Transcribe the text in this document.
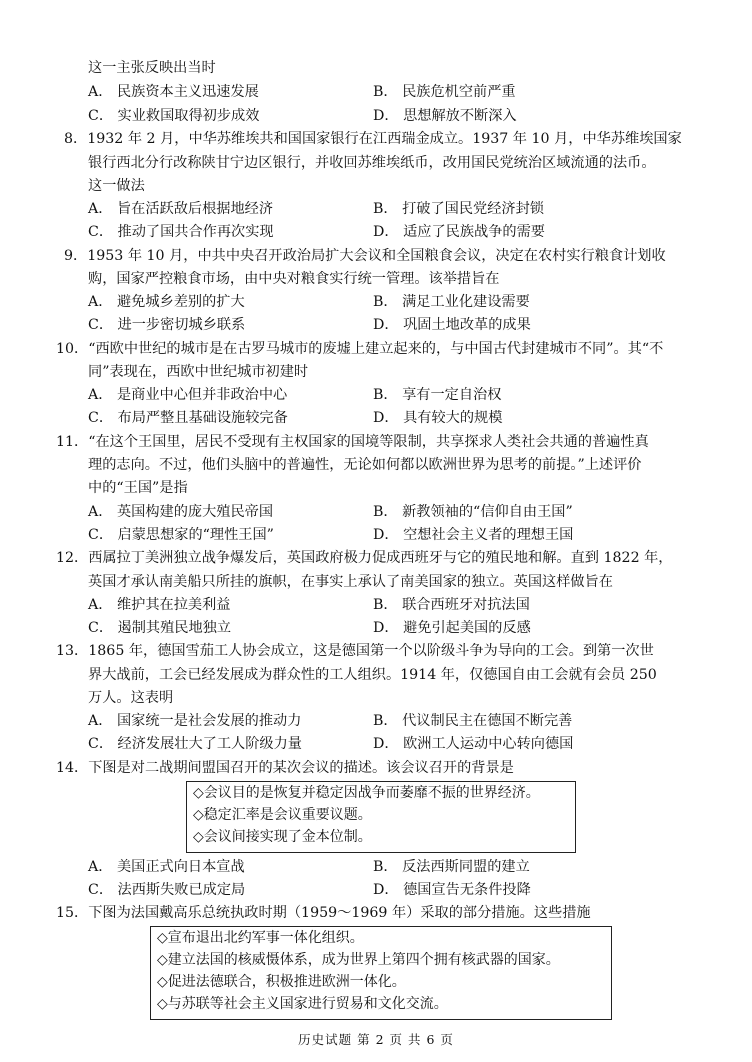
这一主张反映出当时
A． 民族资本主义迅速发展	B． 民族危机空前严重
C． 实业救国取得初步成效	D． 思想解放不断深入
8．1932 年 2 月，中华苏维埃共和国国家银行在江西瑞金成立。1937 年 10 月，中华苏维埃国家
银行西北分行改称陕甘宁边区银行，并收回苏维埃纸币，改用国民党统治区域流通的法币。
这一做法
A． 旨在活跃敌后根据地经济	B． 打破了国民党经济封锁
C． 推动了国共合作再次实现	D． 适应了民族战争的需要
9．1953 年 10 月，中共中央召开政治局扩大会议和全国粮食会议，决定在农村实行粮食计划收
购，国家严控粮食市场，由中央对粮食实行统一管理。该举措旨在
A． 避免城乡差别的扩大	B． 满足工业化建设需要
C． 进一步密切城乡联系	D． 巩固土地改革的成果
10．“西欧中世纪的城市是在古罗马城市的废墟上建立起来的，与中国古代封建城市不同”。其“不
同”表现在，西欧中世纪城市初建时
A． 是商业中心但并非政治中心	B． 享有一定自治权
C． 布局严整且基础设施较完备	D． 具有较大的规模
11．“在这个王国里，居民不受现有主权国家的国境等限制，共享探求人类社会共通的普遍性真
理的志向。不过，他们头脑中的普遍性，无论如何都以欧洲世界为思考的前提。”上述评价
中的“王国”是指
A． 英国构建的庞大殖民帝国	B． 新教领袖的“信仰自由王国”
C． 启蒙思想家的“理性王国”	D． 空想社会主义者的理想王国
12．西属拉丁美洲独立战争爆发后，英国政府极力促成西班牙与它的殖民地和解。直到 1822 年，
英国才承认南美船只所挂的旗帜，在事实上承认了南美国家的独立。英国这样做旨在
A． 维护其在拉美利益	B． 联合西班牙对抗法国
C． 遏制其殖民地独立	D． 避免引起美国的反感
13．1865 年，德国雪茄工人协会成立，这是德国第一个以阶级斗争为导向的工会。到第一次世
界大战前，工会已经发展成为群众性的工人组织。1914 年，仅德国自由工会就有会员 250
万人。这表明
A． 国家统一是社会发展的推动力	B． 代议制民主在德国不断完善
C． 经济发展壮大了工人阶级力量	D． 欧洲工人运动中心转向德国
14．下图是对二战期间盟国召开的某次会议的描述。该会议召开的背景是
◇会议目的是恢复并稳定因战争而萎靡不振的世界经济。
◇稳定汇率是会议重要议题。
◇会议间接实现了金本位制。
A． 美国正式向日本宣战	B． 反法西斯同盟的建立
C． 法西斯失败已成定局	D． 德国宣告无条件投降
15．下图为法国戴高乐总统执政时期（1959～1969 年）采取的部分措施。这些措施
◇宣布退出北约军事一体化组织。
◇建立法国的核威慑体系，成为世界上第四个拥有核武器的国家。
◇促进法德联合，积极推进欧洲一体化。
◇与苏联等社会主义国家进行贸易和文化交流。
历史试题 第 2 页 共 6 页
